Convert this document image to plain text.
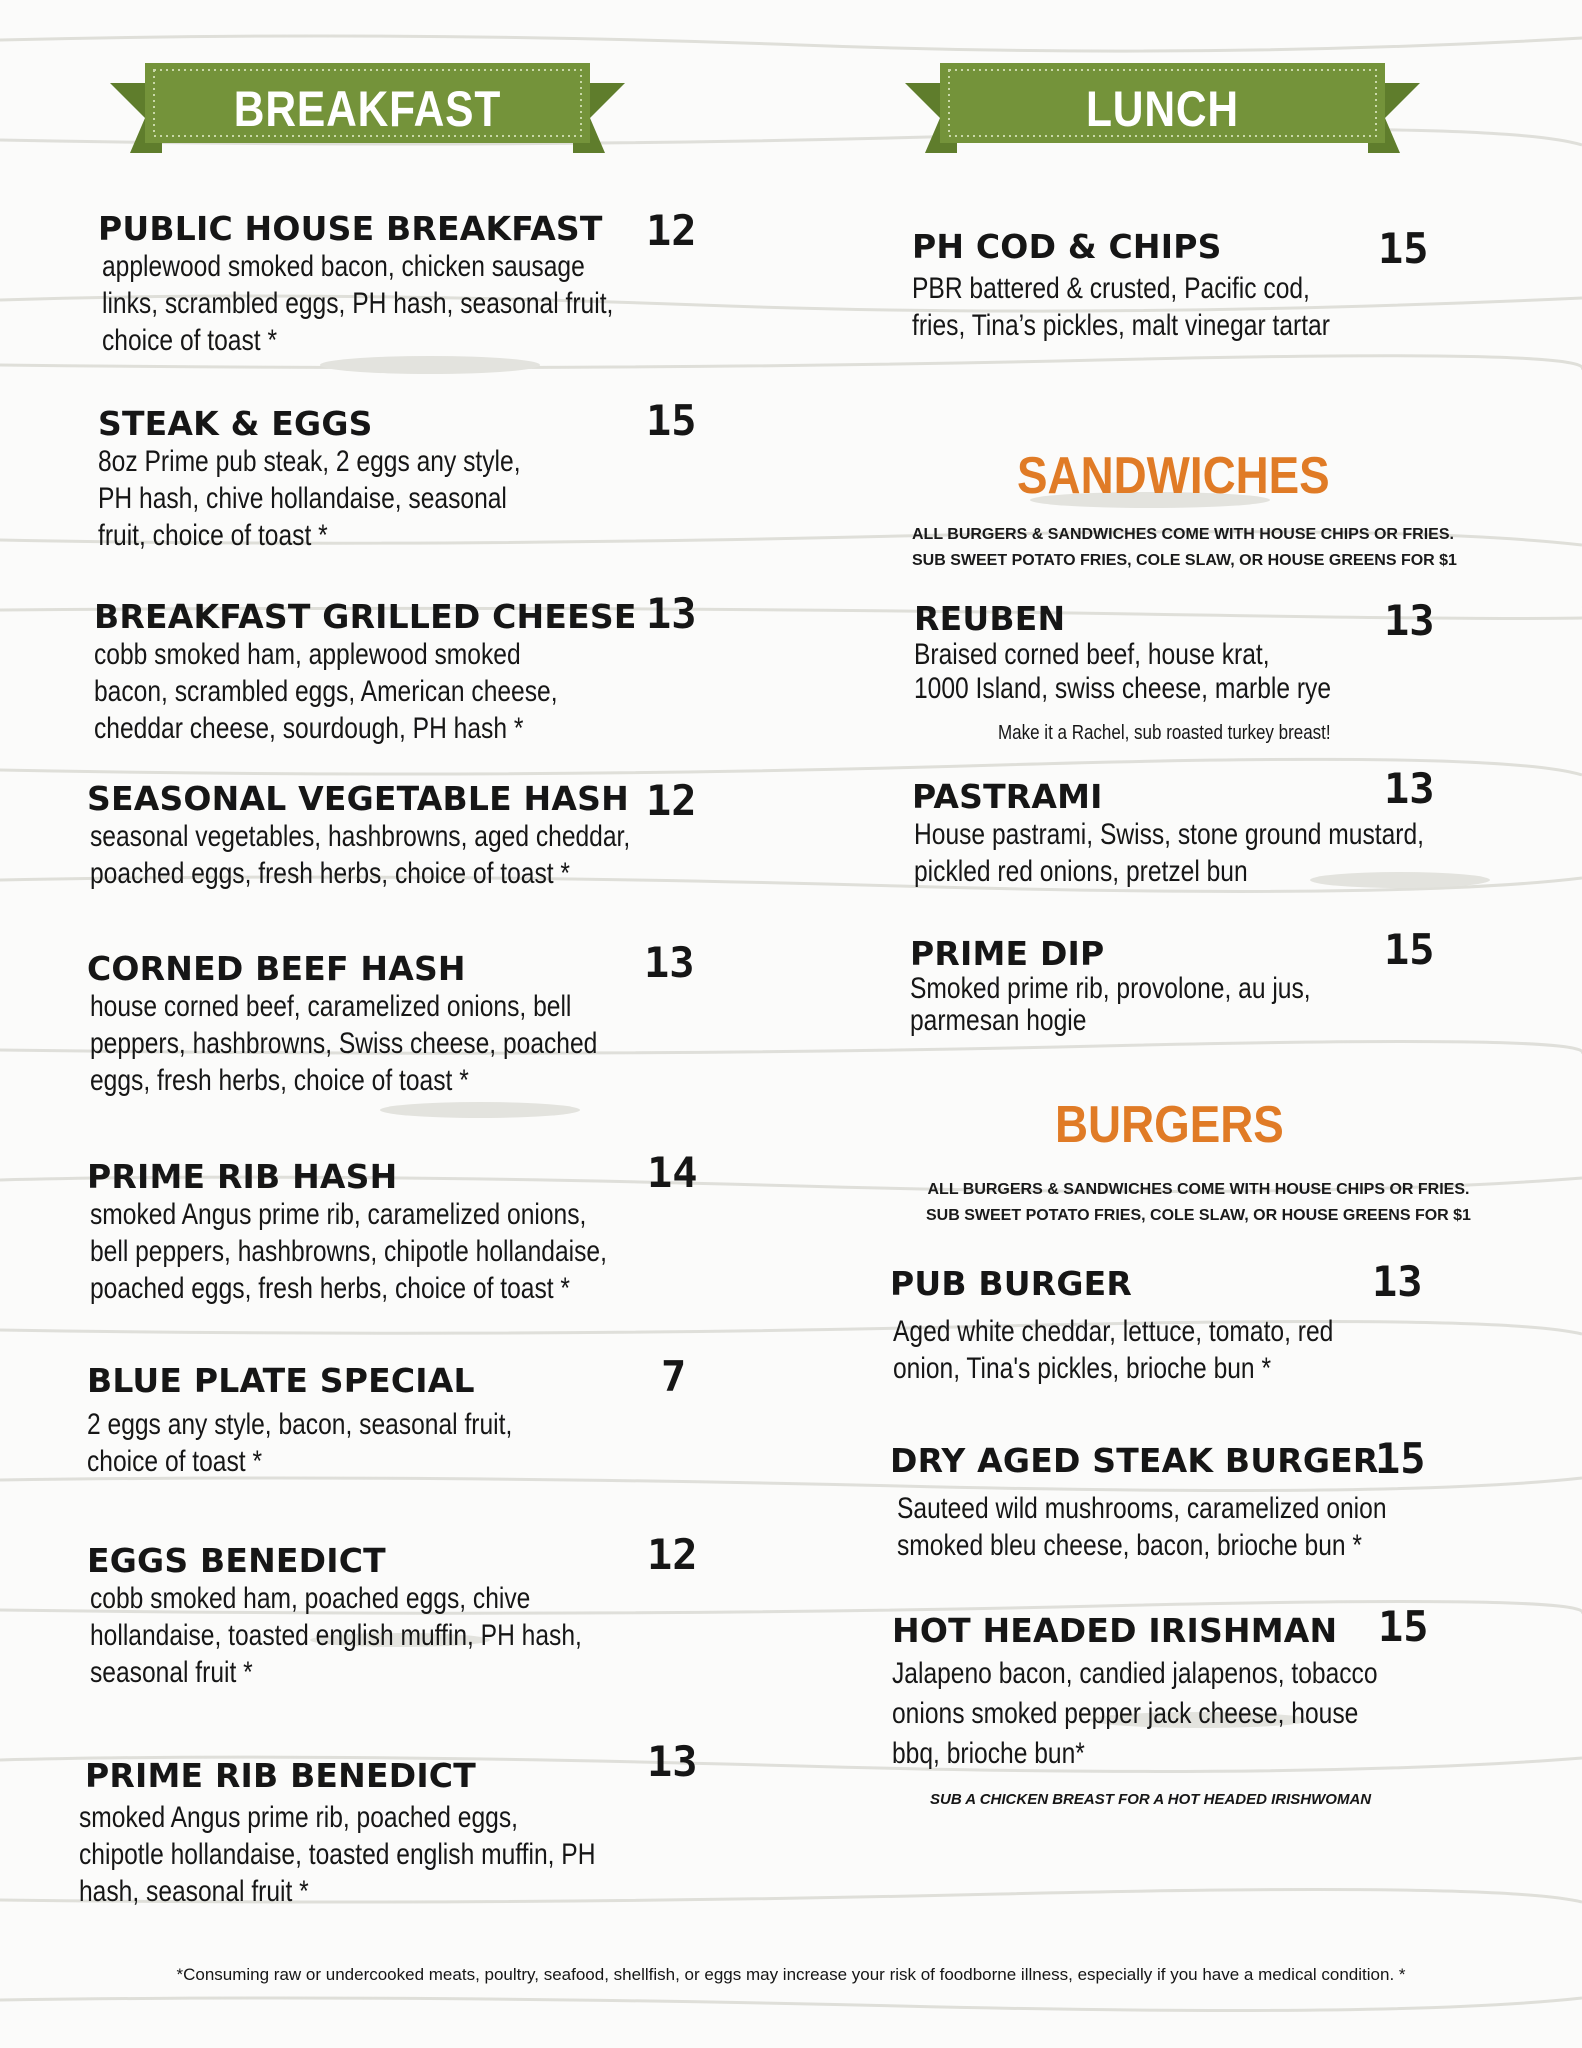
BREAKFAST	LUNCH
PUBLIC HOUSE BREAKFAST	12

applewood smoked bacon, chicken sausage
links, scrambled eggs, PH hash, seasonal fruit,
choice of toast *

STEAK & EGGS	15

8oz Prime pub steak, 2 eggs any style,
PH hash, chive hollandaise, seasonal
fruit, choice of toast *

BREAKFAST GRILLED CHEESE 13

cobb smoked ham, applewood smoked
bacon, scrambled eggs, American cheese,
cheddar cheese, sourdough, PH hash *

SEASONAL VEGETABLE HASH 12

seasonal vegetables, hashbrowns, aged cheddar,
poached eggs, fresh herbs, choice of toast *

CORNED BEEF HASH	13

house corned beef, caramelized onions, bell
peppers, hashbrowns, Swiss cheese, poached
eggs, fresh herbs, choice of toast *

PRIME RIB HASH	14

smoked Angus prime rib, caramelized onions,
bell peppers, hashbrowns, chipotle hollandaise,
poached eggs, fresh herbs, choice of toast *

BLUE PLATE SPECIAL	7

2 eggs any style, bacon, seasonal fruit,
choice of toast *

EGGS BENEDICT	12

cobb smoked ham, poached eggs, chive
hollandaise, toasted english muffin, PH hash,
seasonal fruit *

PRIME RIB BENEDICT	13

smoked Angus prime rib, poached eggs,
chipotle hollandaise, toasted english muffin, PH
hash, seasonal fruit *

PH COD & CHIPS	15

PBR battered & crusted, Pacific cod,
fries, Tina’s pickles, malt vinegar tartar

SANDWICHES
ALL BURGERS & SANDWICHES COME WITH HOUSE CHIPS OR FRIES.
SUB SWEET POTATO FRIES, COLE SLAW, OR HOUSE GREENS FOR $1
REUBEN	13

Braised corned beef, house krat,
1000 Island, swiss cheese, marble rye

Make it a Rachel, sub roasted turkey breast!
PASTRAMI	13

House pastrami, Swiss, stone ground mustard,
pickled red onions, pretzel bun

PRIME DIP	15

Smoked prime rib, provolone, au jus,
parmesan hogie

BURGERS
ALL BURGERS & SANDWICHES COME WITH HOUSE CHIPS OR FRIES.
SUB SWEET POTATO FRIES, COLE SLAW, OR HOUSE GREENS FOR $1
PUB BURGER	13

Aged white cheddar, lettuce, tomato, red
onion, Tina's pickles, brioche bun *

DRY AGED STEAK BURGER
15

Sauteed wild mushrooms, caramelized onion
smoked bleu cheese, bacon, brioche bun *

HOT HEADED IRISHMAN 15

Jalapeno bacon, candied jalapenos, tobacco
onions smoked pepper jack cheese, house
bbq, brioche bun*

SUB A CHICKEN BREAST FOR A HOT HEADED IRISHWOMAN
*Consuming raw or undercooked meats, poultry, seafood, shellfish, or eggs may increase your risk of foodborne illness, especially if you have a medical condition. *
